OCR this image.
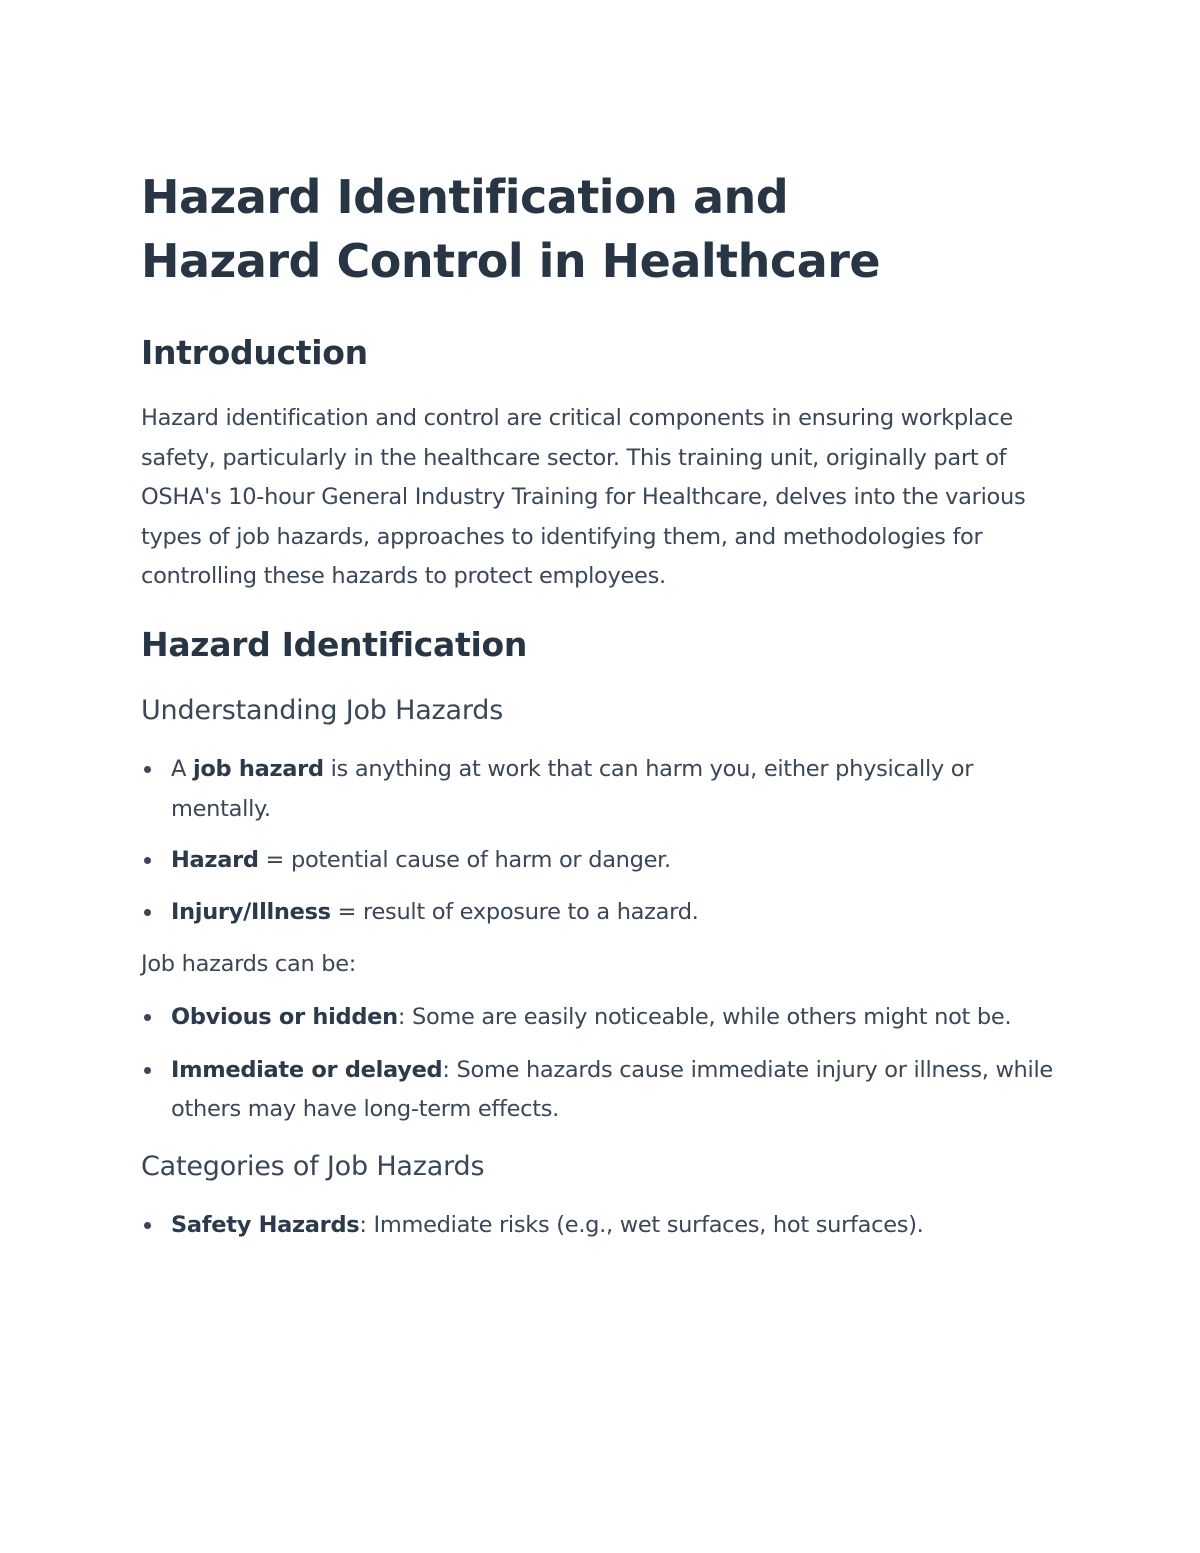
Hazard Identification and Hazard Control in Healthcare
Introduction

Hazard identification and control are critical components in ensuring workplace safety, particularly in the healthcare sector. This training unit, originally part of OSHA's 10-hour General Industry Training for Healthcare, delves into the various types of job hazards, approaches to identifying them, and methodologies for controlling these hazards to protect employees.

Hazard Identification
Understanding Job Hazards
A job hazard is anything at work that can harm you, either physically or mentally.
Hazard = potential cause of harm or danger.
Injury/Illness = result of exposure to a hazard.

Job hazards can be:

Obvious or hidden: Some are easily noticeable, while others might not be.
Immediate or delayed: Some hazards cause immediate injury or illness, while others may have long-term effects.
Categories of Job Hazards
Safety Hazards: Immediate risks (e.g., wet surfaces, hot surfaces).
